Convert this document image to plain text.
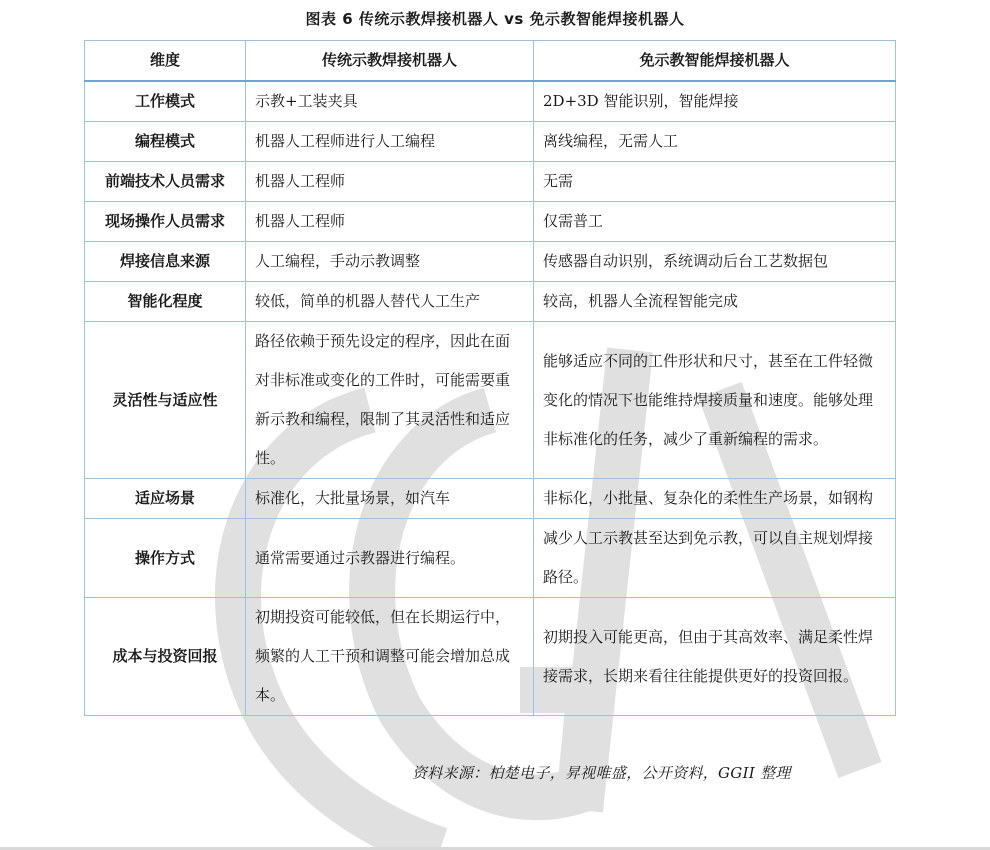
图表 6 传统示教焊接机器人 vs 免示教智能焊接机器人
维度	传统示教焊接机器人	免示教智能焊接机器人
工作模式	示教+工装夹具	2D+3D 智能识别，智能焊接
编程模式	机器人工程师进行人工编程	离线编程，无需人工
前端技术人员需求	机器人工程师	无需
现场操作人员需求	机器人工程师	仅需普工
焊接信息来源	人工编程，手动示教调整	传感器自动识别，系统调动后台工艺数据包
智能化程度	较低，简单的机器人替代人工生产	较高，机器人全流程智能完成
灵活性与适应性	路径依赖于预先设定的程序，因此在面对非标准或变化的工件时，可能需要重新示教和编程，限制了其灵活性和适应性。	能够适应不同的工件形状和尺寸，甚至在工件轻微变化的情况下也能维持焊接质量和速度。能够处理非标准化的任务，减少了重新编程的需求。
适应场景	标准化，大批量场景，如汽车	非标化，小批量、复杂化的柔性生产场景，如钢构
操作方式	通常需要通过示教器进行编程。	减少人工示教甚至达到免示教，可以自主规划焊接路径。
成本与投资回报	初期投资可能较低，但在长期运行中，频繁的人工干预和调整可能会增加总成本。	初期投入可能更高，但由于其高效率、满足柔性焊接需求，长期来看往往能提供更好的投资回报。
资料来源：柏楚电子，昇视唯盛，公开资料，GGII 整理
